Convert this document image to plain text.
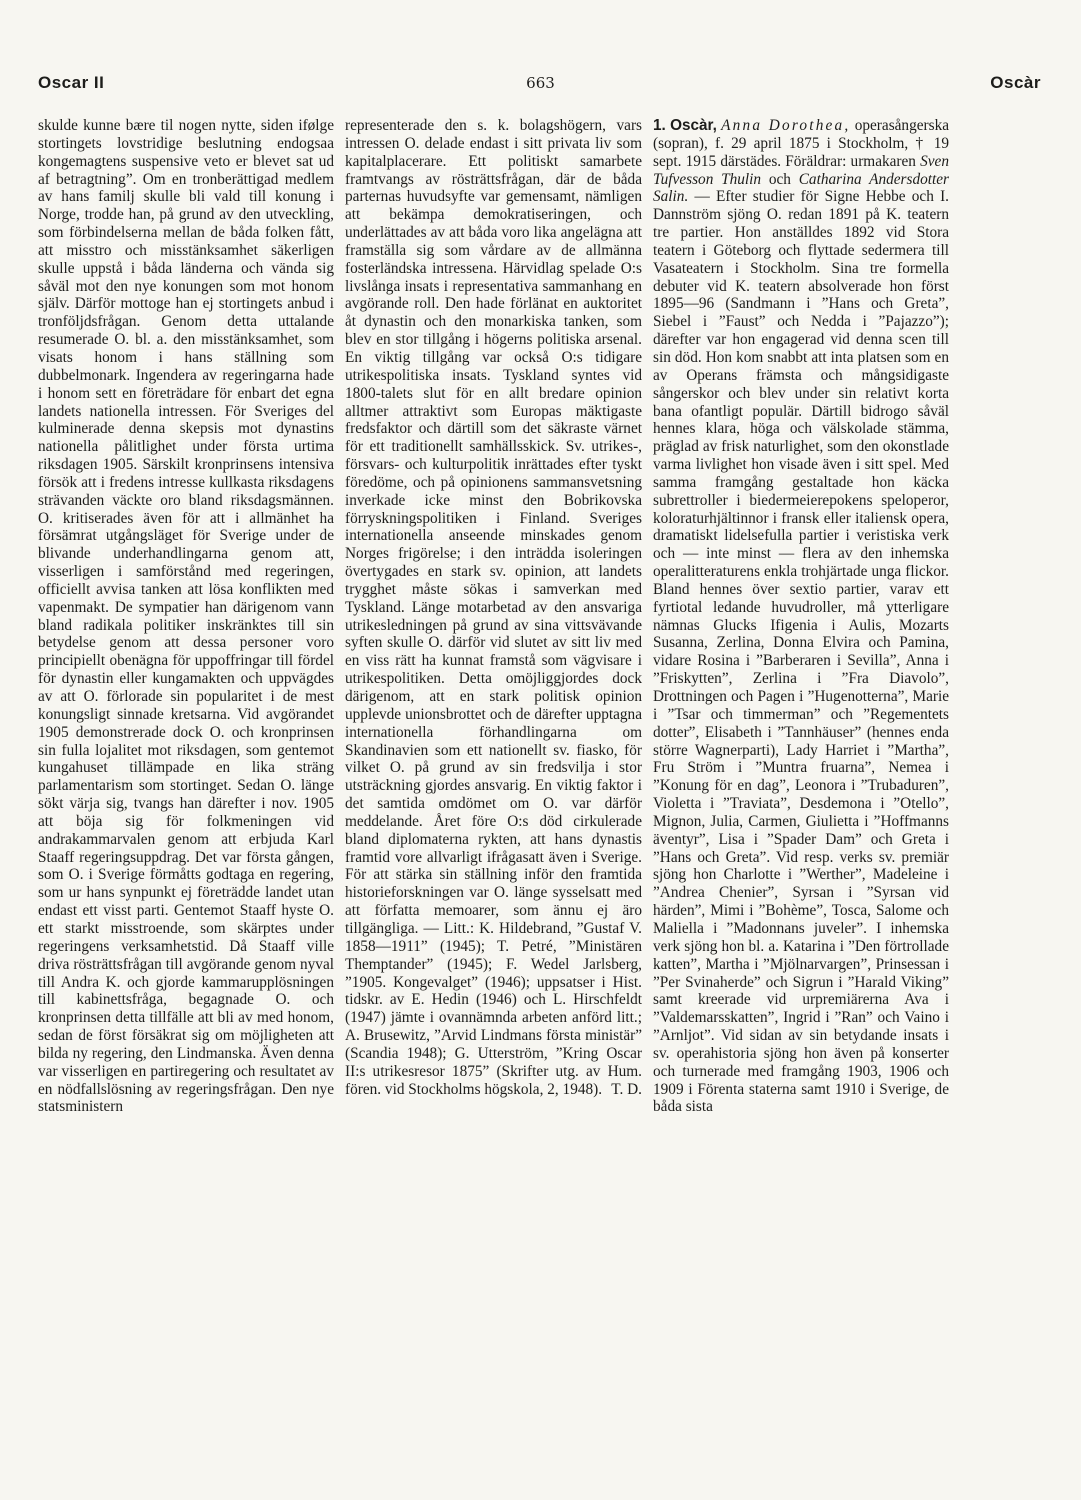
Oscar II	663	Oscàr

skulde kunne bære til nogen nytte, siden ifølge stortingets lovstridige beslutning endogsaa kongemagtens suspensive veto er blevet sat ud af betragtning”. Om en tronberättigad medlem av hans familj skulle bli vald till konung i Norge, trodde han, på grund av den utveckling, som förbindelserna mellan de båda folken fått, att misstro och misstänksamhet säkerligen skulle uppstå i båda länderna och vända sig såväl mot den nye konungen som mot honom själv. Därför mottoge han ej stortingets anbud i tronföljdsfrågan. Genom detta uttalande resumerade O. bl. a. den misstänksamhet, som visats honom i hans ställning som dubbelmonark. Ingendera av regeringarna hade i honom sett en företrädare för enbart det egna landets nationella intressen. För Sveriges del kulminerade denna skepsis mot dynastins nationella pålitlighet under första urtima riksdagen 1905. Särskilt kronprinsens intensiva försök att i fredens intresse kullkasta riksdagens strävanden väckte oro bland riksdagsmännen. O. kritiserades även för att i allmänhet ha försämrat utgångsläget för Sverige under de blivande underhandlingarna genom att, visserligen i samförstånd med regeringen, officiellt avvisa tanken att lösa konflikten med vapenmakt. De sympatier han därigenom vann bland radikala politiker inskränktes till sin betydelse genom att dessa personer voro principiellt obenägna för uppoffringar till fördel för dynastin eller kungamakten och uppvägdes av att O. förlorade sin popularitet i de mest konungsligt sinnade kretsarna. Vid avgörandet 1905 demonstrerade dock O. och kronprinsen sin fulla lojalitet mot riksdagen, som gentemot kungahuset tillämpade en lika sträng parlamentarism som stortinget. Sedan O. länge sökt värja sig, tvangs han därefter i nov. 1905 att böja sig för folkmeningen vid andrakammarvalen genom att erbjuda Karl Staaff regeringsuppdrag. Det var första gången, som O. i Sverige förmåtts godtaga en regering, som ur hans synpunkt ej företrädde landet utan endast ett visst parti. Gentemot Staaff hyste O. ett starkt misstroende, som skärptes under regeringens verksamhetstid. Då Staaff ville driva rösträttsfrågan till avgörande genom nyval till Andra K. och gjorde kammarupplösningen till kabinettsfråga, begagnade O. och kronprinsen detta tillfälle att bli av med honom, sedan de först försäkrat sig om möjligheten att bilda ny regering, den Lindmanska. Även denna var visserligen en partiregering och resultatet av en nödfallslösning av regeringsfrågan. Den nye statsministern

representerade den s. k. bolagshögern, vars intressen O. delade endast i sitt privata liv som kapitalplacerare. Ett politiskt samarbete framtvangs av rösträttsfrågan, där de båda parternas huvudsyfte var gemensamt, nämligen att bekämpa demokratiseringen, och underlättades av att båda voro lika angelägna att framställa sig som vårdare av de allmänna fosterländska intressena. Härvidlag spelade O:s livslånga insats i representativa sammanhang en avgörande roll. Den hade förlänat en auktoritet åt dynastin och den monarkiska tanken, som blev en stor tillgång i högerns politiska arsenal. En viktig tillgång var också O:s tidigare utrikespolitiska insats. Tyskland syntes vid 1800-talets slut för en allt bredare opinion alltmer attraktivt som Europas mäktigaste fredsfaktor och därtill som det säkraste värnet för ett traditionellt samhällsskick. Sv. utrikes-, försvars- och kulturpolitik inrättades efter tyskt föredöme, och på opinionens sammansvetsning inverkade icke minst den Bobrikovska förryskningspolitiken i Finland. Sveriges internationella anseende minskades genom Norges frigörelse; i den inträdda isoleringen övertygades en stark sv. opinion, att landets trygghet måste sökas i samverkan med Tyskland. Länge motarbetad av den ansvariga utrikesledningen på grund av sina vittsvävande syften skulle O. därför vid slutet av sitt liv med en viss rätt ha kunnat framstå som vägvisare i utrikespolitiken. Detta omöjliggjordes dock därigenom, att en stark politisk opinion upplevde unionsbrottet och de därefter upptagna internationella förhandlingarna om Skandinavien som ett nationellt sv. fiasko, för vilket O. på grund av sin fredsvilja i stor utsträckning gjordes ansvarig. En viktig faktor i det samtida omdömet om O. var därför meddelande. Året före O:s död cirkulerade bland diplomaterna rykten, att hans dynastis framtid vore allvarligt ifrågasatt även i Sverige. För att stärka sin ställning inför den framtida historieforskningen var O. länge sysselsatt med att författa memoarer, som ännu ej äro tillgängliga. — Litt.: K. Hildebrand, ”Gustaf V. 1858—1911” (1945); T. Petré, ”Ministären Themptander” (1945); F. Wedel Jarlsberg, ”1905. Kongevalget” (1946); uppsatser i Hist. tidskr. av E. Hedin (1946) och L. Hirschfeldt (1947) jämte i ovannämnda arbeten anförd litt.; A. Brusewitz, ”Arvid Lindmans första ministär” (Scandia 1948); G. Utterström, ”Kring Oscar II:s utrikesresor 1875” (Skrifter utg. av Hum. fören. vid Stockholms högskola, 2, 1948). T. D.

1. Oscàr, Anna Dorothea, operasångerska (sopran), f. 29 april 1875 i Stockholm, † 19 sept. 1915 därstädes. Föräldrar: urmakaren Sven Tufvesson Thulin och Catharina Andersdotter Salin. — Efter studier för Signe Hebbe och I. Dannström sjöng O. redan 1891 på K. teatern tre partier. Hon anställdes 1892 vid Stora teatern i Göteborg och flyttade sedermera till Vasateatern i Stockholm. Sina tre formella debuter vid K. teatern absolverade hon först 1895—96 (Sandmann i ”Hans och Greta”, Siebel i ”Faust” och Nedda i ”Pajazzo”); därefter var hon engagerad vid denna scen till sin död. Hon kom snabbt att inta platsen som en av Operans främsta och mångsidigaste sångerskor och blev under sin relativt korta bana ofantligt populär. Därtill bidrogo såväl hennes klara, höga och välskolade stämma, präglad av frisk naturlighet, som den okonstlade varma livlighet hon visade även i sitt spel. Med samma framgång gestaltade hon käcka subrettroller i biedermeierepokens speloperor, koloraturhjältinnor i fransk eller italiensk opera, dramatiskt lidelsefulla partier i veristiska verk och — inte minst — flera av den inhemska operalitteraturens enkla trohjärtade unga flickor. Bland hennes över sextio partier, varav ett fyrtiotal ledande huvudroller, må ytterligare nämnas Glucks Ifigenia i Aulis, Mozarts Susanna, Zerlina, Donna Elvira och Pamina, vidare Rosina i ”Barberaren i Sevilla”, Anna i ”Friskytten”, Zerlina i ”Fra Diavolo”, Drottningen och Pagen i ”Hugenotterna”, Marie i ”Tsar och timmerman” och ”Regementets dotter”, Elisabeth i ”Tannhäuser” (hennes enda större Wagnerparti), Lady Harriet i ”Martha”, Fru Ström i ”Muntra fruarna”, Nemea i ”Konung för en dag”, Leonora i ”Trubaduren”, Violetta i ”Traviata”, Desdemona i ”Otello”, Mignon, Julia, Carmen, Giulietta i ”Hoffmanns äventyr”, Lisa i ”Spader Dam” och Greta i ”Hans och Greta”. Vid resp. verks sv. premiär sjöng hon Charlotte i ”Werther”, Madeleine i ”Andrea Chenier”, Syrsan i ”Syrsan vid härden”, Mimi i ”Bohème”, Tosca, Salome och Maliella i ”Madonnans juveler”. I inhemska verk sjöng hon bl. a. Katarina i ”Den förtrollade katten”, Martha i ”Mjölnarvargen”, Prinsessan i ”Per Svinaherde” och Sigrun i ”Harald Viking” samt kreerade vid urpremiärerna Ava i ”Valdemarsskatten”, Ingrid i ”Ran” och Vaino i ”Arnljot”. Vid sidan av sin betydande insats i sv. operahistoria sjöng hon även på konserter och turnerade med framgång 1903, 1906 och 1909 i Förenta staterna samt 1910 i Sverige, de båda sista
